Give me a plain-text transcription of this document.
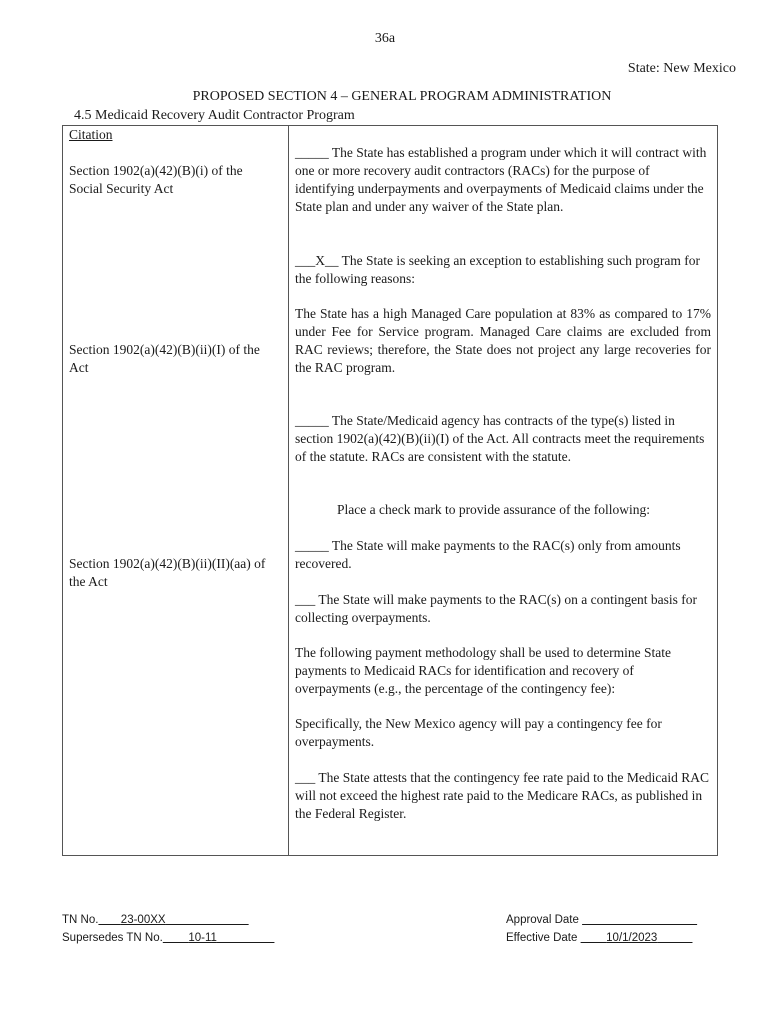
36a
State: New Mexico
PROPOSED SECTION 4 – GENERAL PROGRAM ADMINISTRATION
4.5 Medicaid Recovery Audit Contractor Program
Citation
Section 1902(a)(42)(B)(i) of the Social Security Act
Section 1902(a)(42)(B)(ii)(I) of the Act
Section 1902(a)(42)(B)(ii)(II)(aa) of the Act
_____ The State has established a program under which it will contract with one or more recovery audit contractors (RACs) for the purpose of identifying underpayments and overpayments of Medicaid claims under the State plan and under any waiver of the State plan.
___X__ The State is seeking an exception to establishing such program for the following reasons:
The State has a high Managed Care population at 83% as compared to 17% under Fee for Service program. Managed Care claims are excluded from RAC reviews; therefore, the State does not project any large recoveries for the RAC program.
_____ The State/Medicaid agency has contracts of the type(s) listed in section 1902(a)(42)(B)(ii)(I) of the Act. All contracts meet the requirements of the statute. RACs are consistent with the statute.
Place a check mark to provide assurance of the following:
_____ The State will make payments to the RAC(s) only from amounts recovered.
___ The State will make payments to the RAC(s) on a contingent basis for collecting overpayments.
The following payment methodology shall be used to determine State payments to Medicaid RACs for identification and recovery of overpayments (e.g., the percentage of the contingency fee):
Specifically, the New Mexico agency will pay a contingency fee for overpayments.
___ The State attests that the contingency fee rate paid to the Medicaid RAC will not exceed the highest rate paid to the Medicare RACs, as published in the Federal Register.
TN No. 23-00XX
Supersedes TN No. 10-11
Approval Date
Effective Date	10/1/2023
